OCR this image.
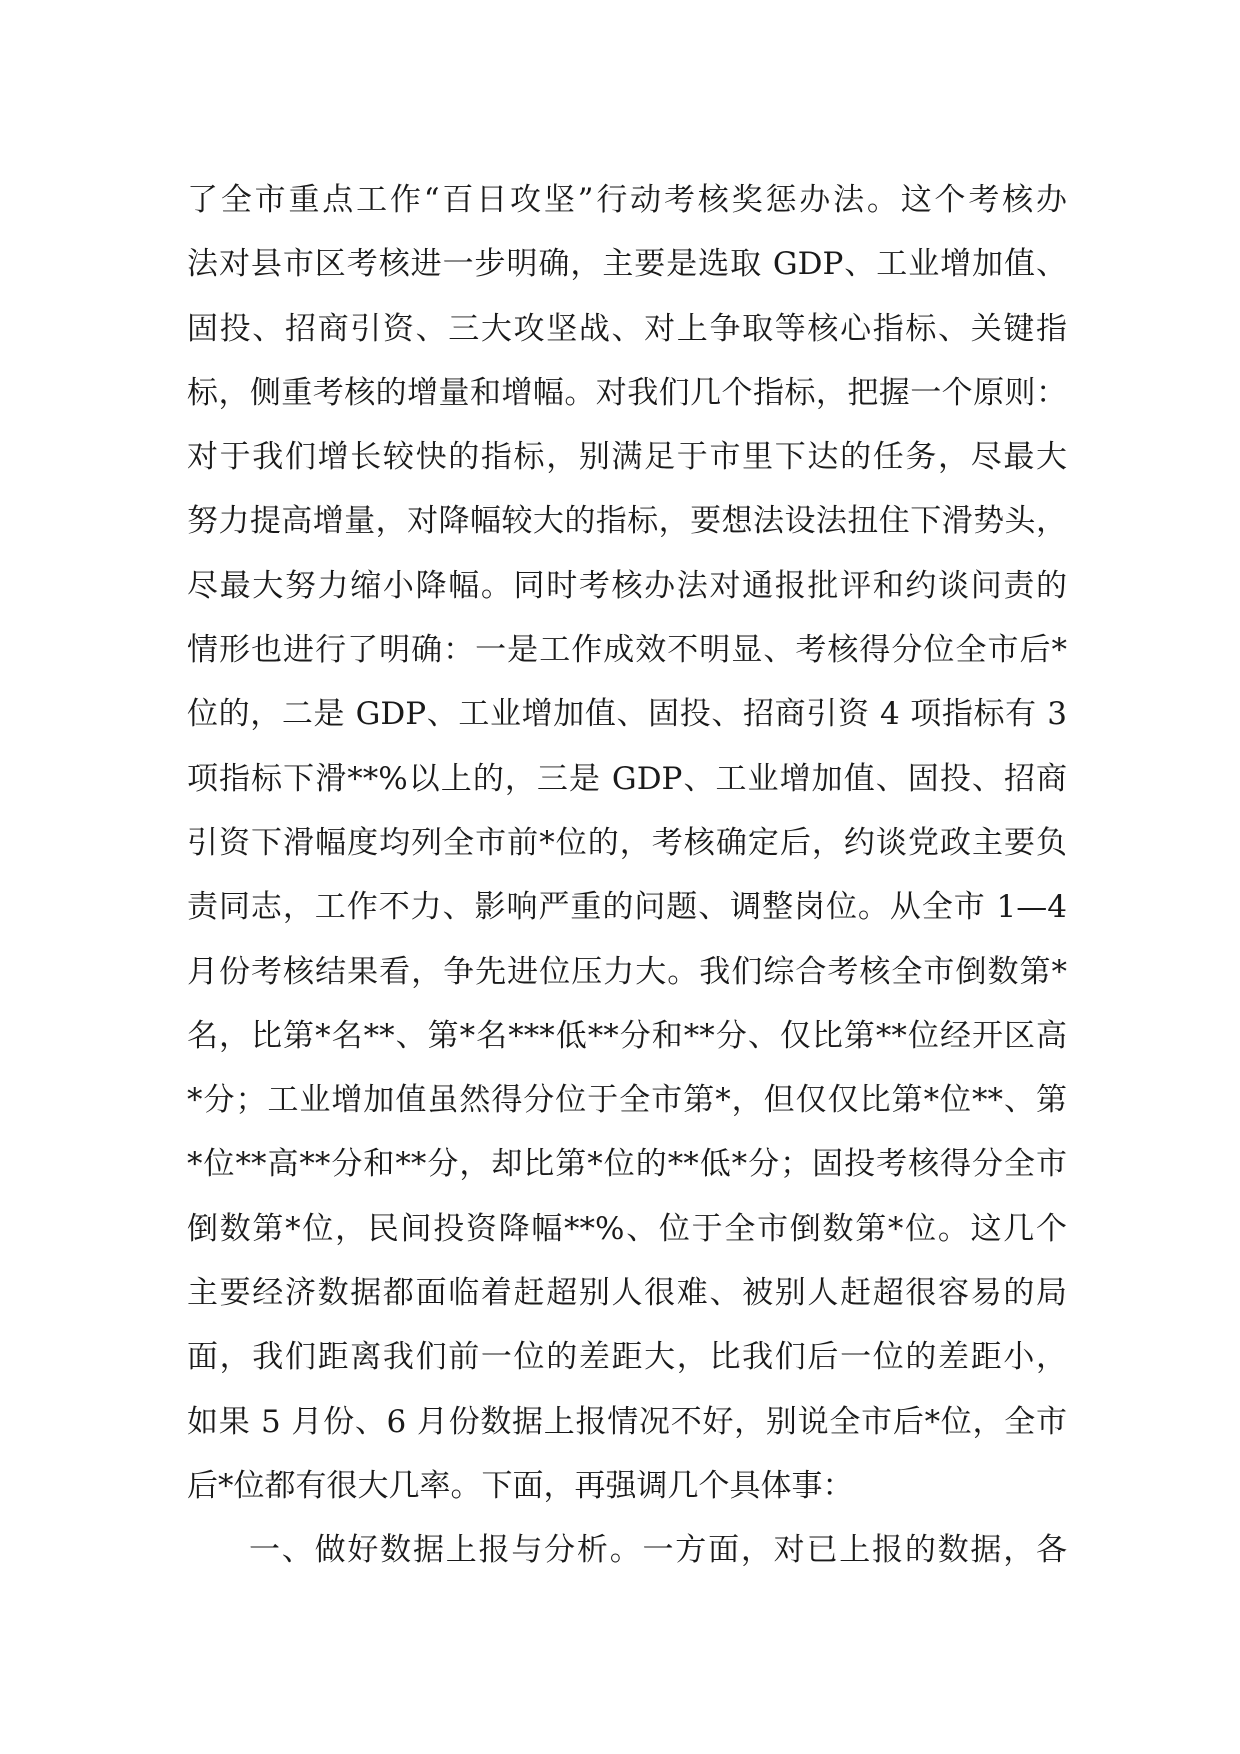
了全市重点工作“百日攻坚”行动考核奖惩办法。这个考核办
法对县市区考核进一步明确，主要是选取 GDP、工业增加值、
固投、招商引资、三大攻坚战、对上争取等核心指标、关键指
标，侧重考核的增量和增幅。对我们几个指标，把握一个原则：
对于我们增长较快的指标，别满足于市里下达的任务，尽最大
努力提高增量，对降幅较大的指标，要想法设法扭住下滑势头，
尽最大努力缩小降幅。同时考核办法对通报批评和约谈问责的
情形也进行了明确：一是工作成效不明显、考核得分位全市后*
位的，二是 GDP、工业增加值、固投、招商引资 4 项指标有 3
项指标下滑**%以上的，三是 GDP、工业增加值、固投、招商
引资下滑幅度均列全市前*位的，考核确定后，约谈党政主要负
责同志，工作不力、影响严重的问题、调整岗位。从全市 1—4
月份考核结果看，争先进位压力大。我们综合考核全市倒数第*
名，比第*名**、第*名***低**分和**分、仅比第**位经开区高
*分；工业增加值虽然得分位于全市第*，但仅仅比第*位**、第
*位**高**分和**分，却比第*位的**低*分；固投考核得分全市
倒数第*位，民间投资降幅**%、位于全市倒数第*位。这几个
主要经济数据都面临着赶超别人很难、被别人赶超很容易的局
面，我们距离我们前一位的差距大，比我们后一位的差距小，
如果 5 月份、6 月份数据上报情况不好，别说全市后*位，全市
后*位都有很大几率。下面，再强调几个具体事：
一、做好数据上报与分析。一方面，对已上报的数据，各
